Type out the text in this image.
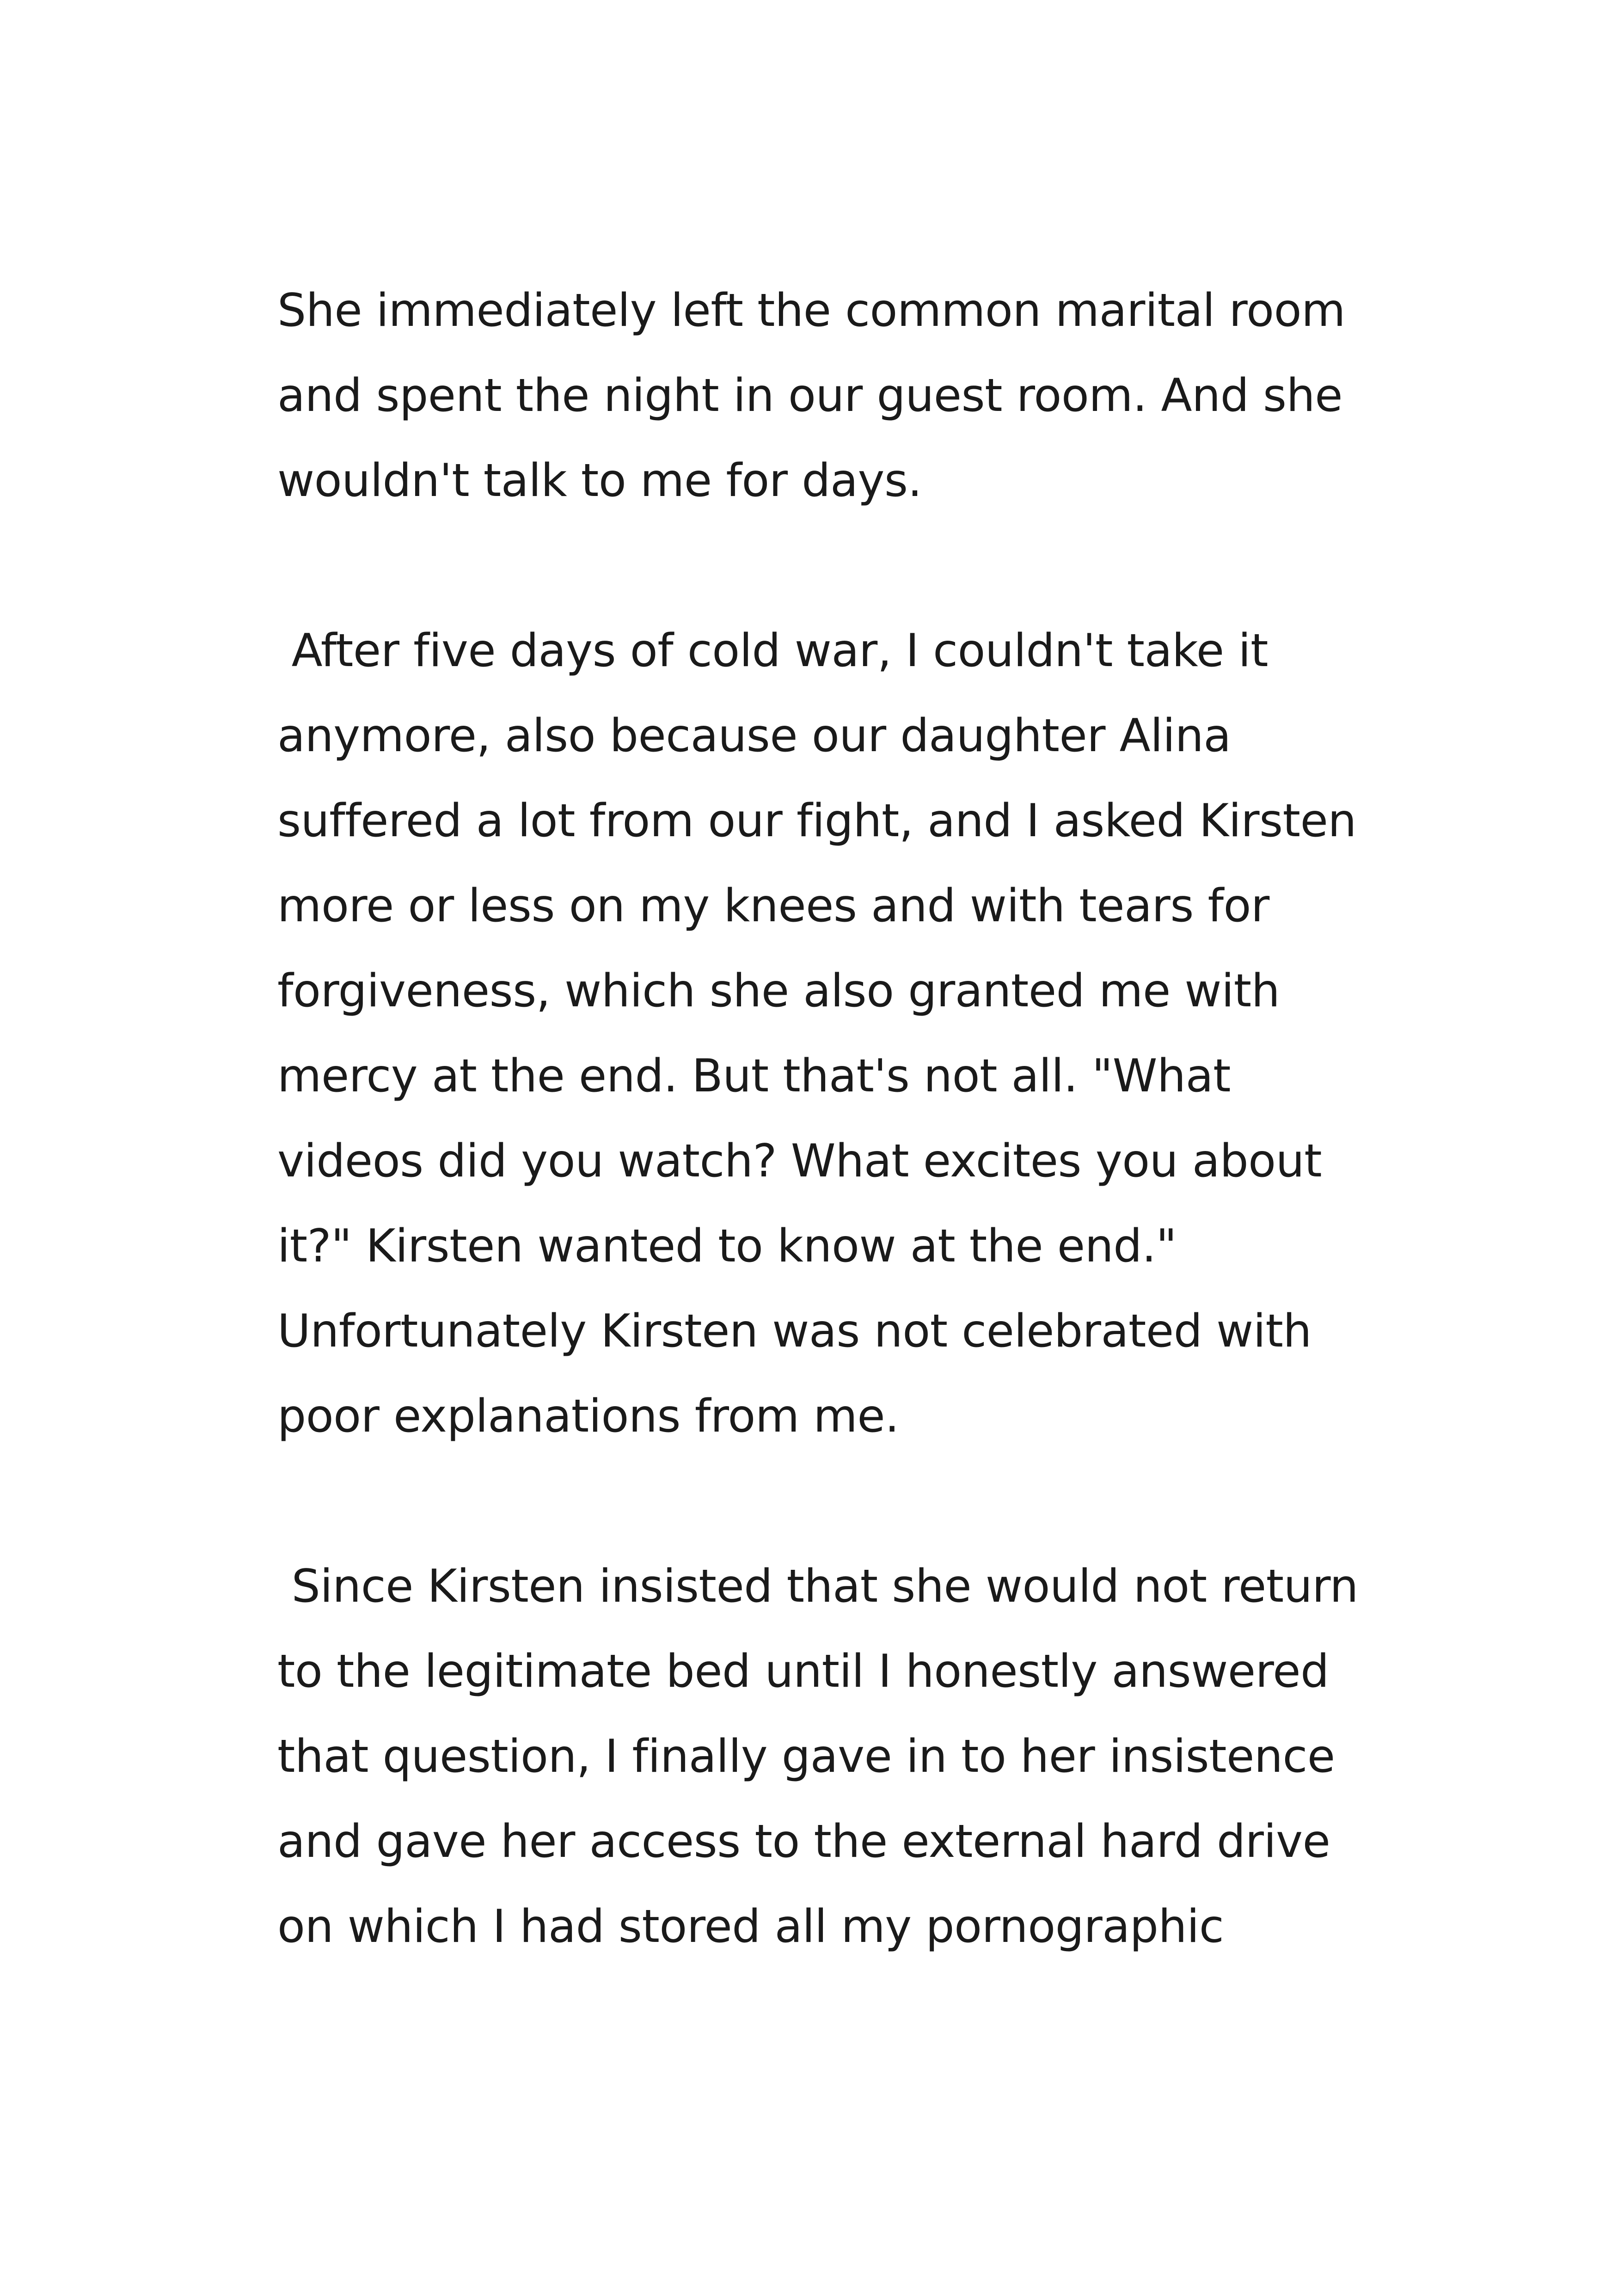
She immediately left the common marital room
and spent the night in our guest room. And she
wouldn't talk to me for days.

After five days of cold war, I couldn't take it
anymore, also because our daughter Alina
suffered a lot from our fight, and I asked Kirsten
more or less on my knees and with tears for
forgiveness, which she also granted me with
mercy at the end. But that's not all. "What
videos did you watch? What excites you about
it?" Kirsten wanted to know at the end."
Unfortunately Kirsten was not celebrated with
poor explanations from me.

Since Kirsten insisted that she would not return
to the legitimate bed until I honestly answered
that question, I finally gave in to her insistence
and gave her access to the external hard drive
on which I had stored all my pornographic
